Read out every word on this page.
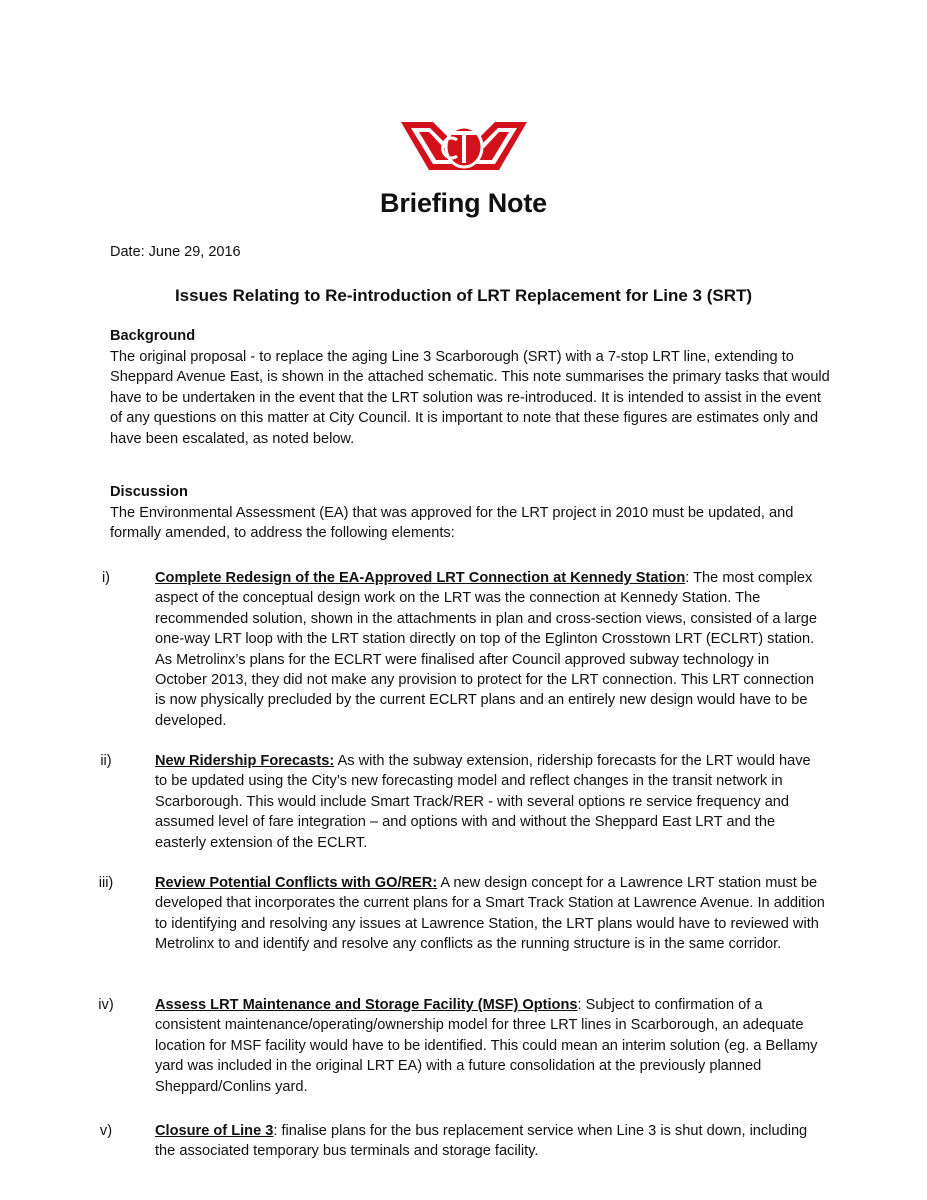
Briefing Note
Date: June 29, 2016
Issues Relating to Re-introduction of LRT Replacement for Line 3 (SRT)
Background

The original proposal - to replace the aging Line 3 Scarborough (SRT) with a 7-stop LRT line, extending to Sheppard Avenue East, is shown in the attached schematic. This note summarises the primary tasks that would have to be undertaken in the event that the LRT solution was re-introduced. It is intended to assist in the event of any questions on this matter at City Council. It is important to note that these figures are estimates only and have been escalated, as noted below.

Discussion

The Environmental Assessment (EA) that was approved for the LRT project in 2010 must be updated, and formally amended, to address the following elements:

i)	Complete Redesign of the EA-Approved LRT Connection at Kennedy Station: The most complex aspect of the conceptual design work on the LRT was the connection at Kennedy Station. The recommended solution, shown in the attachments in plan and cross-section views, consisted of a large one-way LRT loop with the LRT station directly on top of the Eglinton Crosstown LRT (ECLRT) station. As Metrolinx’s plans for the ECLRT were finalised after Council approved subway technology in October 2013, they did not make any provision to protect for the LRT connection. This LRT connection is now physically precluded by the current ECLRT plans and an entirely new design would have to be developed.
ii)	New Ridership Forecasts: As with the subway extension, ridership forecasts for the LRT would have to be updated using the City’s new forecasting model and reflect changes in the transit network in Scarborough. This would include Smart Track/RER - with several options re service frequency and assumed level of fare integration – and options with and without the Sheppard East LRT and the easterly extension of the ECLRT.
iii)	Review Potential Conflicts with GO/RER: A new design concept for a Lawrence LRT station must be developed that incorporates the current plans for a Smart Track Station at Lawrence Avenue. In addition to identifying and resolving any issues at Lawrence Station, the LRT plans would have to reviewed with Metrolinx to and identify and resolve any conflicts as the running structure is in the same corridor.
iv)	Assess LRT Maintenance and Storage Facility (MSF) Options: Subject to confirmation of a consistent maintenance/operating/ownership model for three LRT lines in Scarborough, an adequate location for MSF facility would have to be identified. This could mean an interim solution (eg. a Bellamy yard was included in the original LRT EA) with a future consolidation at the previously planned Sheppard/Conlins yard.
v)	Closure of Line 3: finalise plans for the bus replacement service when Line 3 is shut down, including the associated temporary bus terminals and storage facility.
